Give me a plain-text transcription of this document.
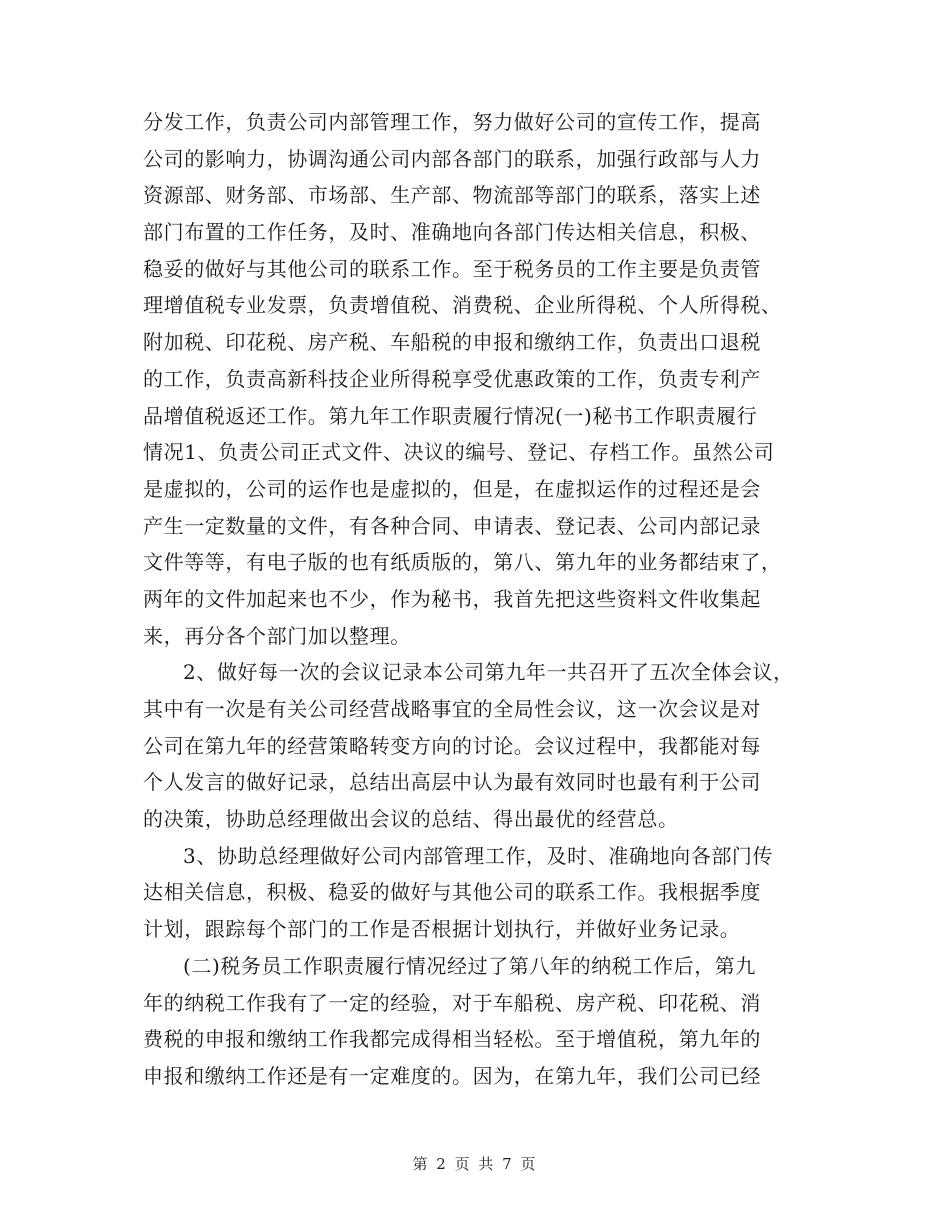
分发工作，负责公司内部管理工作，努力做好公司的宣传工作，提高
公司的影响力，协调沟通公司内部各部门的联系，加强行政部与人力
资源部、财务部、市场部、生产部、物流部等部门的联系，落实上述
部门布置的工作任务，及时、准确地向各部门传达相关信息，积极、
稳妥的做好与其他公司的联系工作。至于税务员的工作主要是负责管
理增值税专业发票，负责增值税、消费税、企业所得税、个人所得税、
附加税、印花税、房产税、车船税的申报和缴纳工作，负责出口退税
的工作，负责高新科技企业所得税享受优惠政策的工作，负责专利产
品增值税返还工作。第九年工作职责履行情况(一)秘书工作职责履行
情况1、负责公司正式文件、决议的编号、登记、存档工作。虽然公司
是虚拟的，公司的运作也是虚拟的，但是，在虚拟运作的过程还是会
产生一定数量的文件，有各种合同、申请表、登记表、公司内部记录
文件等等，有电子版的也有纸质版的，第八、第九年的业务都结束了，
两年的文件加起来也不少，作为秘书，我首先把这些资料文件收集起
来，再分各个部门加以整理。
2、做好每一次的会议记录本公司第九年一共召开了五次全体会议，
其中有一次是有关公司经营战略事宜的全局性会议，这一次会议是对
公司在第九年的经营策略转变方向的讨论。会议过程中，我都能对每
个人发言的做好记录，总结出高层中认为最有效同时也最有利于公司
的决策，协助总经理做出会议的总结、得出最优的经营总。
3、协助总经理做好公司内部管理工作，及时、准确地向各部门传
达相关信息，积极、稳妥的做好与其他公司的联系工作。我根据季度
计划，跟踪每个部门的工作是否根据计划执行，并做好业务记录。
(二)税务员工作职责履行情况经过了第八年的纳税工作后，第九
年的纳税工作我有了一定的经验，对于车船税、房产税、印花税、消
费税的申报和缴纳工作我都完成得相当轻松。至于增值税，第九年的
申报和缴纳工作还是有一定难度的。因为，在第九年，我们公司已经
第 2 页 共 7 页
